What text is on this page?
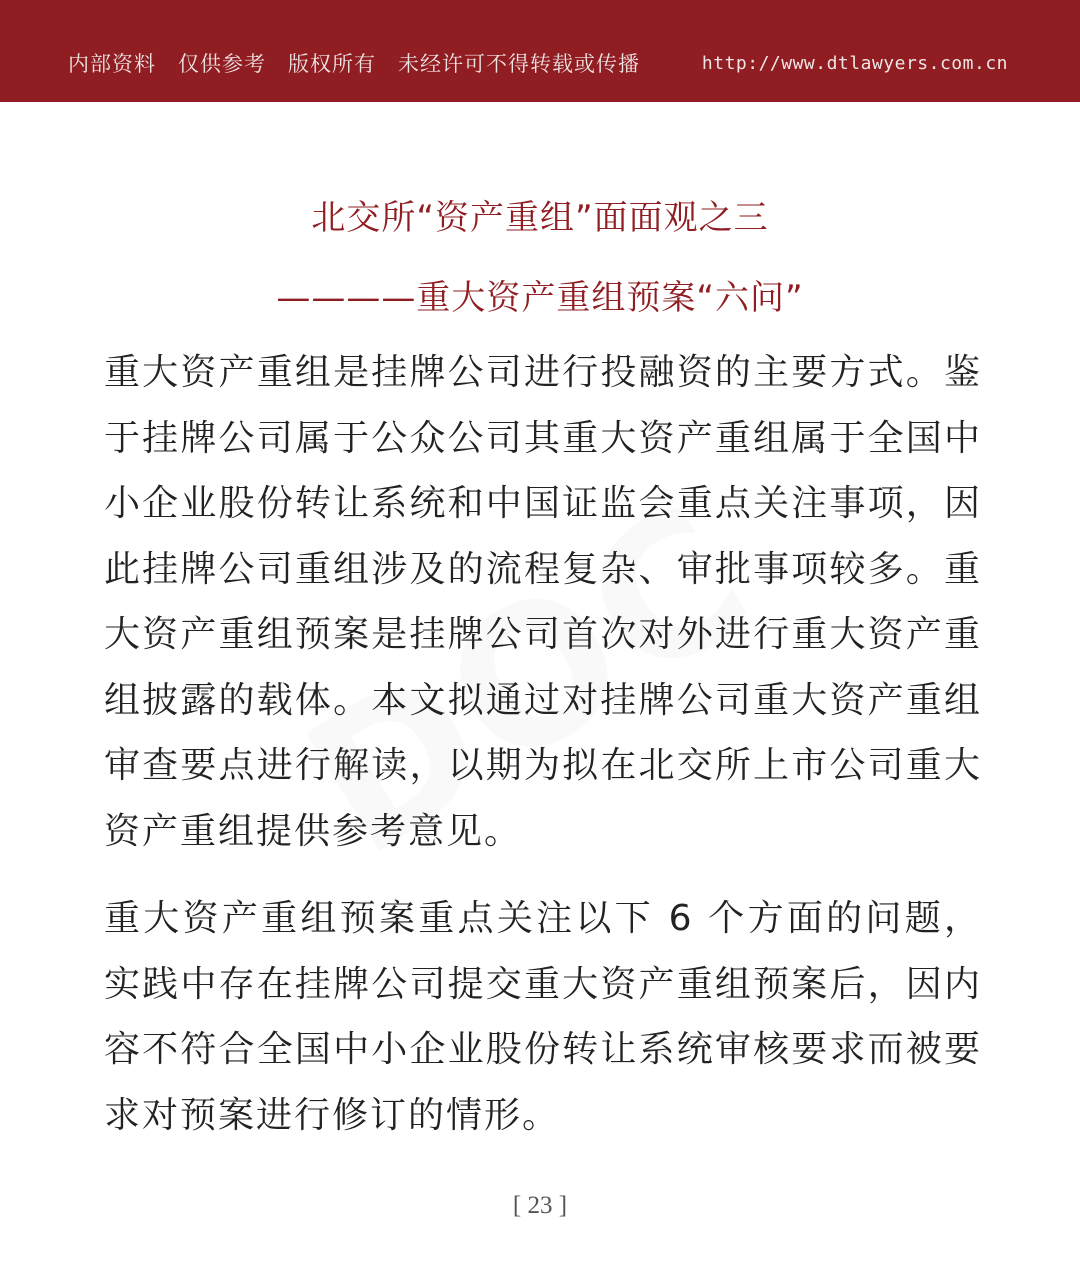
内部资料　仅供参考　版权所有　未经许可不得转载或传播	http://www.dtlawyers.com.cn
北交所“资产重组”面面观之三
————重大资产重组预案“六问”

重大资产重组是挂牌公司进行投融资的主要方式。鉴于挂牌公司属于公众公司其重大资产重组属于全国中小企业股份转让系统和中国证监会重点关注事项，因此挂牌公司重组涉及的流程复杂、审批事项较多。重大资产重组预案是挂牌公司首次对外进行重大资产重组披露的载体。本文拟通过对挂牌公司重大资产重组审查要点进行解读，以期为拟在北交所上市公司重大资产重组提供参考意见。

重大资产重组预案重点关注以下 6 个方面的问题，实践中存在挂牌公司提交重大资产重组预案后，因内容不符合全国中小企业股份转让系统审核要求而被要求对预案进行修订的情形。

[ 23 ]
